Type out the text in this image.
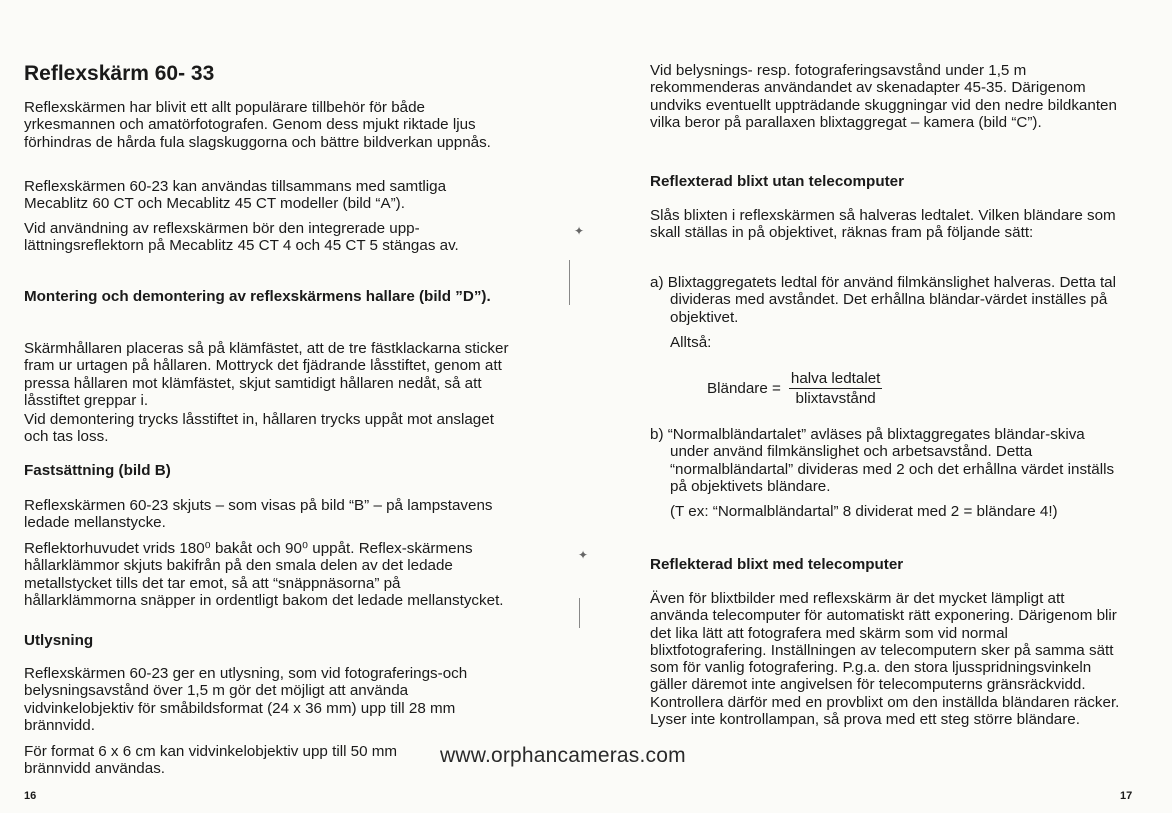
Reflexskärm 60- 33

Reflexskärmen har blivit ett allt populärare tillbehör för både yrkesmannen och amatörfotografen. Genom dess mjukt riktade ljus förhindras de hårda fula slagskuggorna och bättre bildverkan uppnås.

Reflexskärmen 60-23 kan användas tillsammans med samtliga Mecablitz 60 CT och Mecablitz 45 CT modeller (bild “A”).

Vid användning av reflexskärmen bör den integrerade upp-lättningsreflektorn på Mecablitz 45 CT 4 och 45 CT 5 stängas av.

Montering och demontering av reflexskärmens hallare (bild ”D”).

Skärmhållaren placeras så på klämfästet, att de tre fästklackarna sticker fram ur urtagen på hållaren. Mottryck det fjädrande låsstiftet, genom att pressa hållaren mot klämfästet, skjut samtidigt hållaren nedåt, så att låsstiftet greppar i.

Vid demontering trycks låsstiftet in, hållaren trycks uppåt mot anslaget och tas loss.

Fastsättning (bild B)

Reflexskärmen 60-23 skjuts – som visas på bild “B” – på lampstavens ledade mellanstycke.

Reflektorhuvudet vrids 180⁰ bakåt och 90⁰ uppåt. Reflex-skärmens hållarklämmor skjuts bakifrån på den smala delen av det ledade metallstycket tills det tar emot, så att “snäppnäsorna” på hållarklämmorna snäpper in ordentligt bakom det ledade mellanstycket.

Utlysning

Reflexskärmen 60-23 ger en utlysning, som vid fotograferings-och belysningsavstånd över 1,5 m gör det möjligt att använda vidvinkelobjektiv för småbildsformat (24 x 36 mm) upp till 28 mm brännvidd.

För format 6 x 6 cm kan vidvinkelobjektiv upp till 50 mm brännvidd användas.

16
✦
✦

Vid belysnings- resp. fotograferingsavstånd under 1,5 m rekommenderas användandet av skenadapter 45-35. Därigenom undviks eventuellt uppträdande skuggningar vid den nedre bildkanten vilka beror på parallaxen blixtaggregat – kamera (bild “C”).

Reflexterad blixt utan telecomputer

Slås blixten i reflexskärmen så halveras ledtalet. Vilken bländare som skall ställas in på objektivet, räknas fram på följande sätt:

a) Blixtaggregatets ledtal för använd filmkänslighet halveras. Detta tal divideras med avståndet. Det erhållna bländar-värdet inställes på objektivet.

Alltså:

Bländare = $\frac{\text{halva ledtalet}}{\text{blixtavstånd}}$

b) “Normalbländartalet” avläses på blixtaggregates bländar-skiva under använd filmkänslighet och arbetsavstånd. Detta “normalbländartal” divideras med 2 och det erhållna värdet inställs på objektivets bländare.

(T ex: “Normalbländartal” 8 dividerat med 2 = bländare 4!)

Reflekterad blixt med telecomputer

Även för blixtbilder med reflexskärm är det mycket lämpligt att använda telecomputer för automatiskt rätt exponering. Därigenom blir det lika lätt att fotografera med skärm som vid normal blixtfotografering. Inställningen av telecomputern sker på samma sätt som för vanlig fotografering. P.g.a. den stora ljusspridningsvinkeln gäller däremot inte angivelsen för telecomputerns gränsräckvidd. Kontrollera därför med en provblixt om den inställda bländaren räcker. Lyser inte kontrollampan, så prova med ett steg större bländare.

17
www.orphancameras.com
